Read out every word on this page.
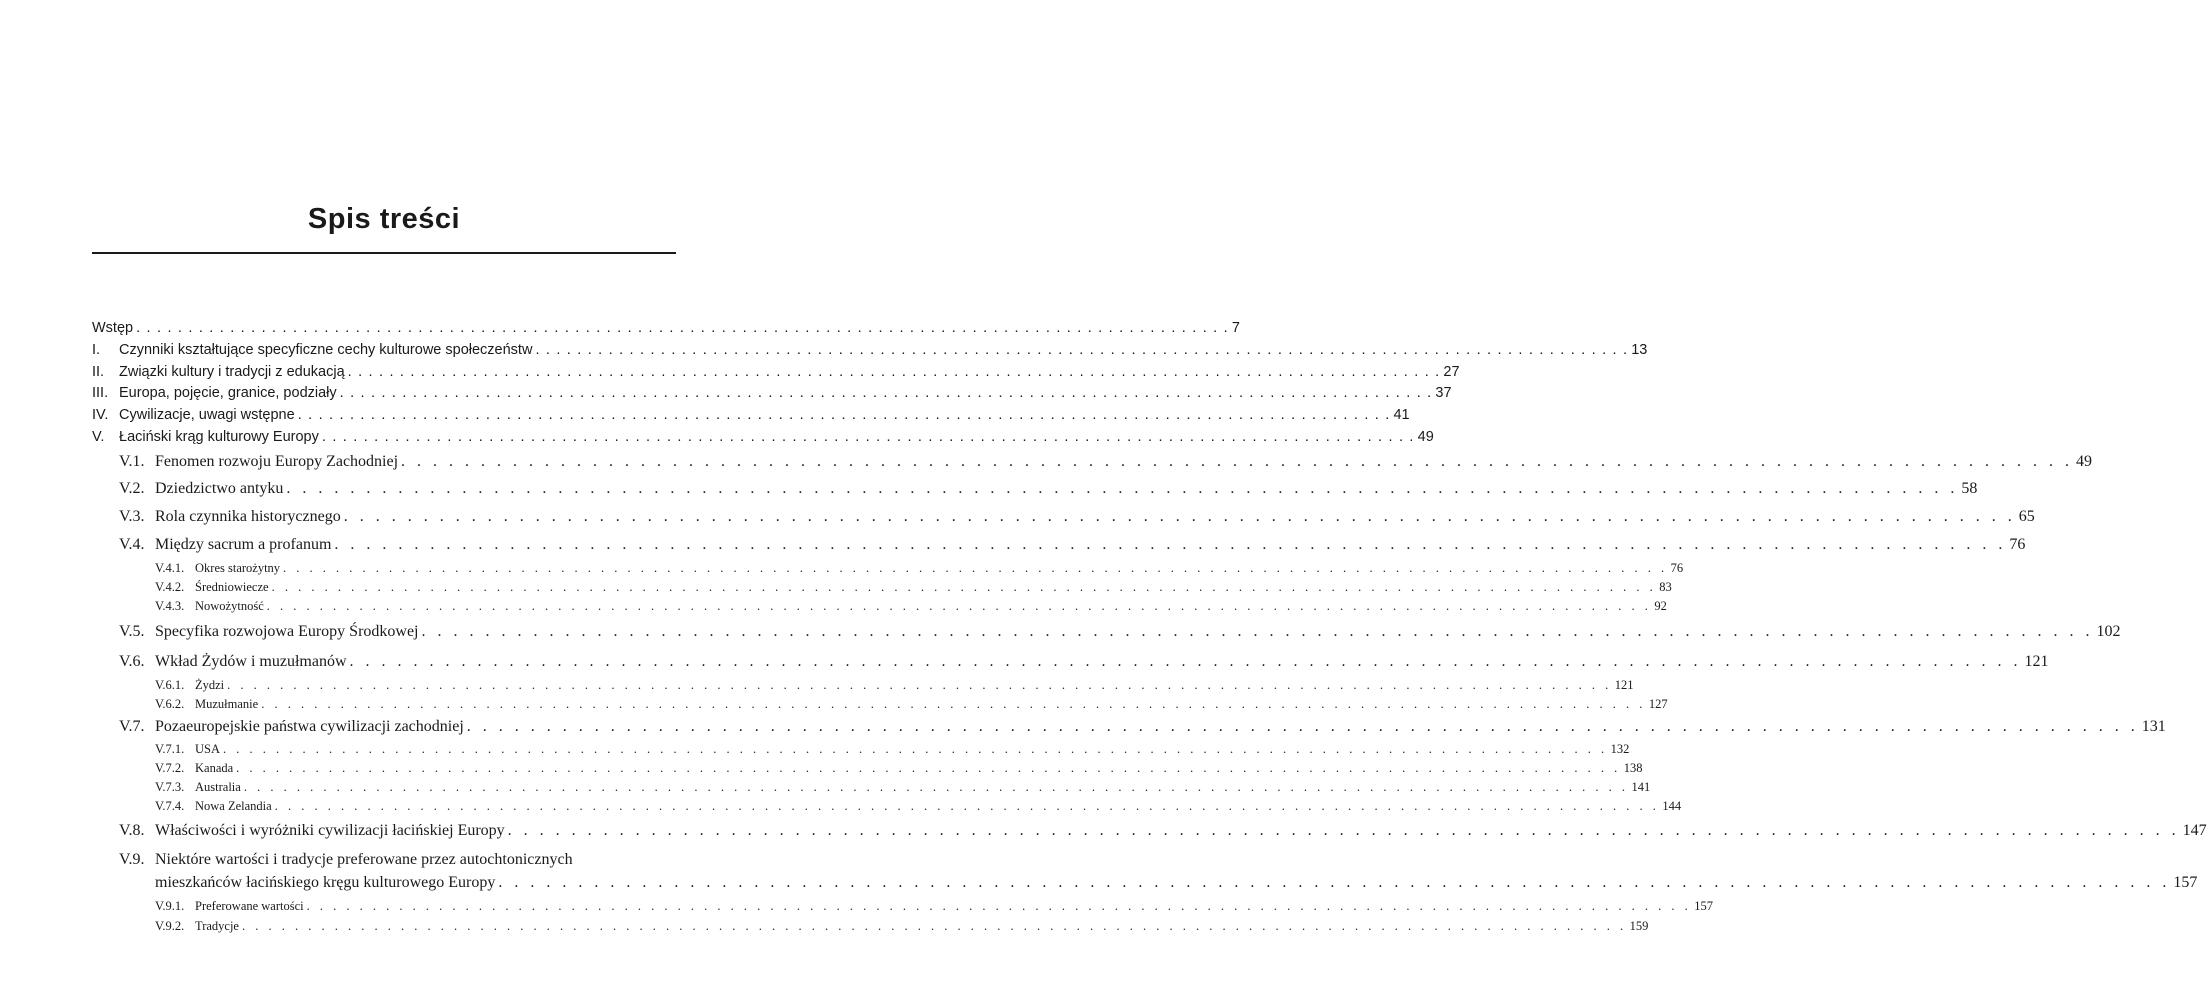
Spis treści
Wstęp . . . . . . . . . . . . . . . . . . . . . . . . . . . . . . . . . . . . . . . . . . . . . . . . . . . . . . . . . . . . . . . . . . . . . . . . . . . . . . . . . . . . . . . . . . . . . . . . . . . . . . . . . 7
I.	Czynniki kształtujące specyficzne cechy kulturowe społeczeństw . . . . . . . . . . . . . . . . . . . . . . . . . . . . . . . . . . . . . . . . . . . . . . . . . . . . . . . . . . . . . . . . . . . . . . . . . . . . . . . . . . . . . . . . . . . . . . . . . . . . . . . . . 13
II.	Związki kultury i tradycji z edukacją . . . . . . . . . . . . . . . . . . . . . . . . . . . . . . . . . . . . . . . . . . . . . . . . . . . . . . . . . . . . . . . . . . . . . . . . . . . . . . . . . . . . . . . . . . . . . . . . . . . . . . . . . 27
III. Europa, pojęcie, granice, podziały . . . . . . . . . . . . . . . . . . . . . . . . . . . . . . . . . . . . . . . . . . . . . . . . . . . . . . . . . . . . . . . . . . . . . . . . . . . . . . . . . . . . . . . . . . . . . . . . . . . . . . . . . 37
IV. Cywilizacje, uwagi wstępne . . . . . . . . . . . . . . . . . . . . . . . . . . . . . . . . . . . . . . . . . . . . . . . . . . . . . . . . . . . . . . . . . . . . . . . . . . . . . . . . . . . . . . . . . . . . . . . . . . . . . . . . . 41
V.	Łaciński krąg kulturowy Europy . . . . . . . . . . . . . . . . . . . . . . . . . . . . . . . . . . . . . . . . . . . . . . . . . . . . . . . . . . . . . . . . . . . . . . . . . . . . . . . . . . . . . . . . . . . . . . . . . . . . . . . . . 49
V.1. Fenomen rozwoju Europy Zachodniej . . . . . . . . . . . . . . . . . . . . . . . . . . . . . . . . . . . . . . . . . . . . . . . . . . . . . . . . . . . . . . . . . . . . . . . . . . . . . . . . . . . . . . . . . . . . . . . . . . . . . . . . . 49
V.2. Dziedzictwo antyku . . . . . . . . . . . . . . . . . . . . . . . . . . . . . . . . . . . . . . . . . . . . . . . . . . . . . . . . . . . . . . . . . . . . . . . . . . . . . . . . . . . . . . . . . . . . . . . . . . . . . . . . . 58
V.3. Rola czynnika historycznego . . . . . . . . . . . . . . . . . . . . . . . . . . . . . . . . . . . . . . . . . . . . . . . . . . . . . . . . . . . . . . . . . . . . . . . . . . . . . . . . . . . . . . . . . . . . . . . . . . . . . . . . . 65
V.4. Między sacrum a profanum . . . . . . . . . . . . . . . . . . . . . . . . . . . . . . . . . . . . . . . . . . . . . . . . . . . . . . . . . . . . . . . . . . . . . . . . . . . . . . . . . . . . . . . . . . . . . . . . . . . . . . . . . 76
V.4.1. Okres starożytny . . . . . . . . . . . . . . . . . . . . . . . . . . . . . . . . . . . . . . . . . . . . . . . . . . . . . . . . . . . . . . . . . . . . . . . . . . . . . . . . . . . . . . . . . . . . . . . . . . . . . . . . . 76
V.4.2. Średniowiecze . . . . . . . . . . . . . . . . . . . . . . . . . . . . . . . . . . . . . . . . . . . . . . . . . . . . . . . . . . . . . . . . . . . . . . . . . . . . . . . . . . . . . . . . . . . . . . . . . . . . . . . . . 83
V.4.3. Nowożytność . . . . . . . . . . . . . . . . . . . . . . . . . . . . . . . . . . . . . . . . . . . . . . . . . . . . . . . . . . . . . . . . . . . . . . . . . . . . . . . . . . . . . . . . . . . . . . . . . . . . . . . . . 92
V.5. Specyfika rozwojowa Europy Środkowej . . . . . . . . . . . . . . . . . . . . . . . . . . . . . . . . . . . . . . . . . . . . . . . . . . . . . . . . . . . . . . . . . . . . . . . . . . . . . . . . . . . . . . . . . . . . . . . . . . . . . . . . . 102
V.6. Wkład Żydów i muzułmanów . . . . . . . . . . . . . . . . . . . . . . . . . . . . . . . . . . . . . . . . . . . . . . . . . . . . . . . . . . . . . . . . . . . . . . . . . . . . . . . . . . . . . . . . . . . . . . . . . . . . . . . . . 121
V.6.1. Żydzi . . . . . . . . . . . . . . . . . . . . . . . . . . . . . . . . . . . . . . . . . . . . . . . . . . . . . . . . . . . . . . . . . . . . . . . . . . . . . . . . . . . . . . . . . . . . . . . . . . . . . . . . . 121
V.6.2. Muzułmanie . . . . . . . . . . . . . . . . . . . . . . . . . . . . . . . . . . . . . . . . . . . . . . . . . . . . . . . . . . . . . . . . . . . . . . . . . . . . . . . . . . . . . . . . . . . . . . . . . . . . . . . . . 127
V.7. Pozaeuropejskie państwa cywilizacji zachodniej . . . . . . . . . . . . . . . . . . . . . . . . . . . . . . . . . . . . . . . . . . . . . . . . . . . . . . . . . . . . . . . . . . . . . . . . . . . . . . . . . . . . . . . . . . . . . . . . . . . . . . . . . 131
V.7.1. USA . . . . . . . . . . . . . . . . . . . . . . . . . . . . . . . . . . . . . . . . . . . . . . . . . . . . . . . . . . . . . . . . . . . . . . . . . . . . . . . . . . . . . . . . . . . . . . . . . . . . . . . . . 132
V.7.2. Kanada . . . . . . . . . . . . . . . . . . . . . . . . . . . . . . . . . . . . . . . . . . . . . . . . . . . . . . . . . . . . . . . . . . . . . . . . . . . . . . . . . . . . . . . . . . . . . . . . . . . . . . . . . 138
V.7.3. Australia . . . . . . . . . . . . . . . . . . . . . . . . . . . . . . . . . . . . . . . . . . . . . . . . . . . . . . . . . . . . . . . . . . . . . . . . . . . . . . . . . . . . . . . . . . . . . . . . . . . . . . . . . 141
V.7.4. Nowa Zelandia . . . . . . . . . . . . . . . . . . . . . . . . . . . . . . . . . . . . . . . . . . . . . . . . . . . . . . . . . . . . . . . . . . . . . . . . . . . . . . . . . . . . . . . . . . . . . . . . . . . . . . . . . 144
V.8. Właściwości i wyróżniki cywilizacji łacińskiej Europy . . . . . . . . . . . . . . . . . . . . . . . . . . . . . . . . . . . . . . . . . . . . . . . . . . . . . . . . . . . . . . . . . . . . . . . . . . . . . . . . . . . . . . . . . . . . . . . . . . . . . . . . . 147
V.9. Niektóre wartości i tradycje preferowane przez autochtonicznych
mieszkańców łacińskiego kręgu kulturowego Europy . . . . . . . . . . . . . . . . . . . . . . . . . . . . . . . . . . . . . . . . . . . . . . . . . . . . . . . . . . . . . . . . . . . . . . . . . . . . . . . . . . . . . . . . . . . . . . . . . . . . . . . . . 157
V.9.1. Preferowane wartości . . . . . . . . . . . . . . . . . . . . . . . . . . . . . . . . . . . . . . . . . . . . . . . . . . . . . . . . . . . . . . . . . . . . . . . . . . . . . . . . . . . . . . . . . . . . . . . . . . . . . . . . . 157
V.9.2. Tradycje . . . . . . . . . . . . . . . . . . . . . . . . . . . . . . . . . . . . . . . . . . . . . . . . . . . . . . . . . . . . . . . . . . . . . . . . . . . . . . . . . . . . . . . . . . . . . . . . . . . . . . . . . 159
